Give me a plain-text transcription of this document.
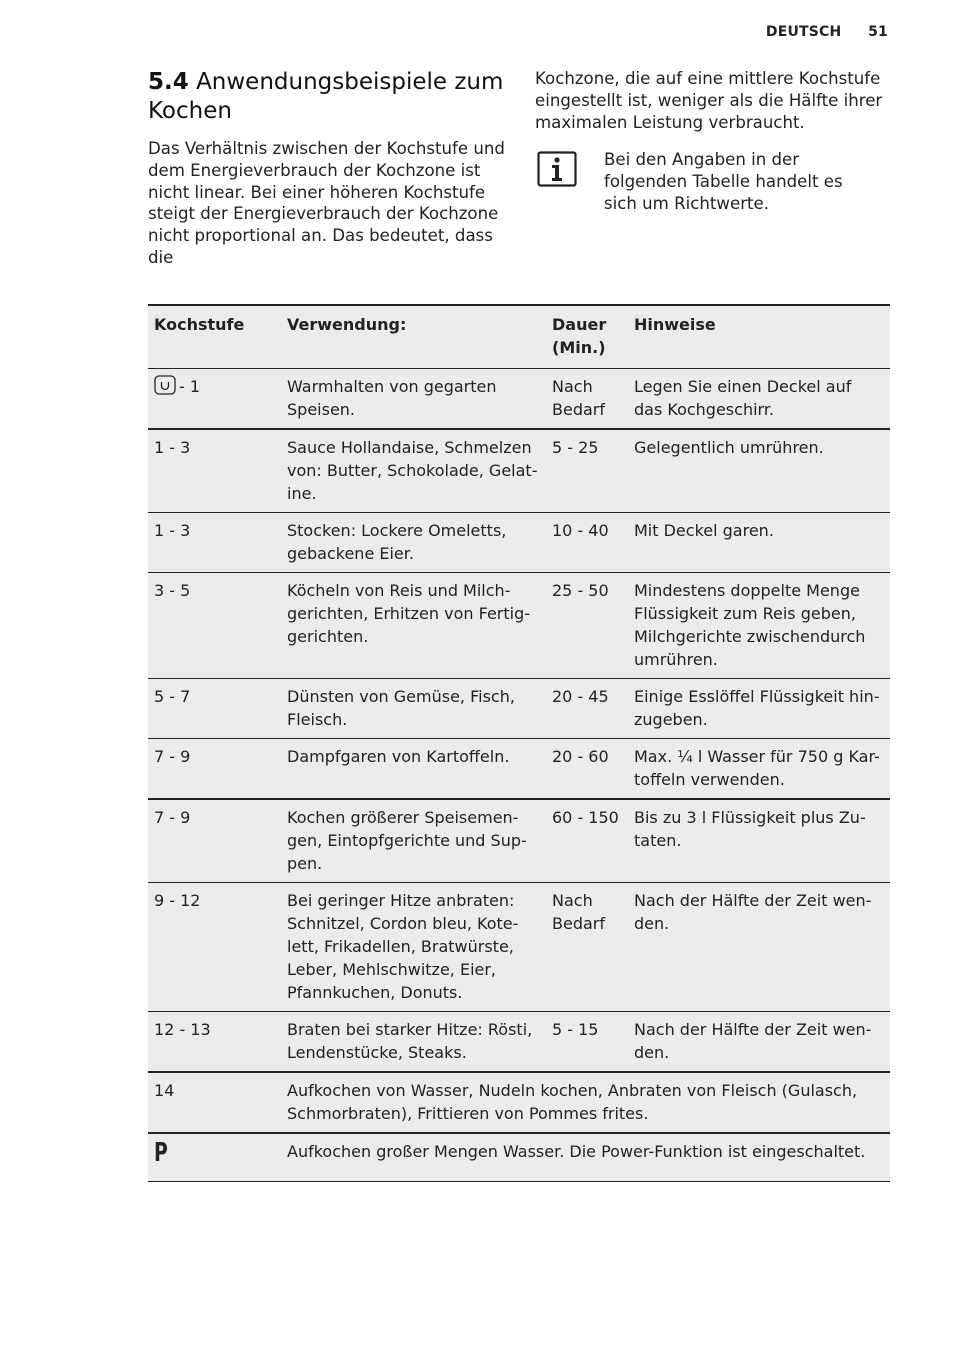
DEUTSCH 51
5.4 Anwendungsbeispiele zum Kochen

Das Verhältnis zwischen der Kochstufe und dem Energieverbrauch der Kochzone ist nicht linear. Bei einer höheren Kochstufe steigt der Energieverbrauch der Kochzone nicht proportional an. Das bedeutet, dass die

Kochzone, die auf eine mittlere Kochstufe eingestellt ist, weniger als die Hälfte ihrer maximalen Leistung verbraucht.

Bei den Angaben in der folgenden Tabelle handelt es sich um Richtwerte.
Kochstufe	Verwendung:	Dauer (Min.)	Hinweise
- 1	Warmhalten von gegarten Speisen.	Nach Bedarf	Legen Sie einen Deckel auf das Kochgeschirr.
1 - 3	Sauce Hollandaise, Schmelzen von: Butter, Schokolade, Gelat-ine.	5 - 25	Gelegentlich umrühren.
1 - 3	Stocken: Lockere Omeletts, gebackene Eier.	10 - 40	Mit Deckel garen.
3 - 5	Köcheln von Reis und Milch-gerichten, Erhitzen von Fertig-gerichten.	25 - 50	Mindestens doppelte Menge Flüssigkeit zum Reis geben, Milchgerichte zwischendurch umrühren.
5 - 7	Dünsten von Gemüse, Fisch, Fleisch.	20 - 45	Einige Esslöffel Flüssigkeit hin-zugeben.
7 - 9	Dampfgaren von Kartoffeln.	20 - 60	Max. ¼ l Wasser für 750 g Kar-toffeln verwenden.
7 - 9	Kochen größerer Speisemen-gen, Eintopfgerichte und Sup-pen.	60 - 150	Bis zu 3 l Flüssigkeit plus Zu-taten.
9 - 12	Bei geringer Hitze anbraten: Schnitzel, Cordon bleu, Kote-lett, Frikadellen, Bratwürste, Leber, Mehlschwitze, Eier, Pfannkuchen, Donuts.	Nach Bedarf	Nach der Hälfte der Zeit wen-den.
12 - 13	Braten bei starker Hitze: Rösti, Lendenstücke, Steaks.	5 - 15	Nach der Hälfte der Zeit wen-den.
14	Aufkochen von Wasser, Nudeln kochen, Anbraten von Fleisch (Gulasch, Schmorbraten), Frittieren von Pommes frites.		
P	Aufkochen großer Mengen Wasser. Die Power-Funktion ist eingeschaltet.		
